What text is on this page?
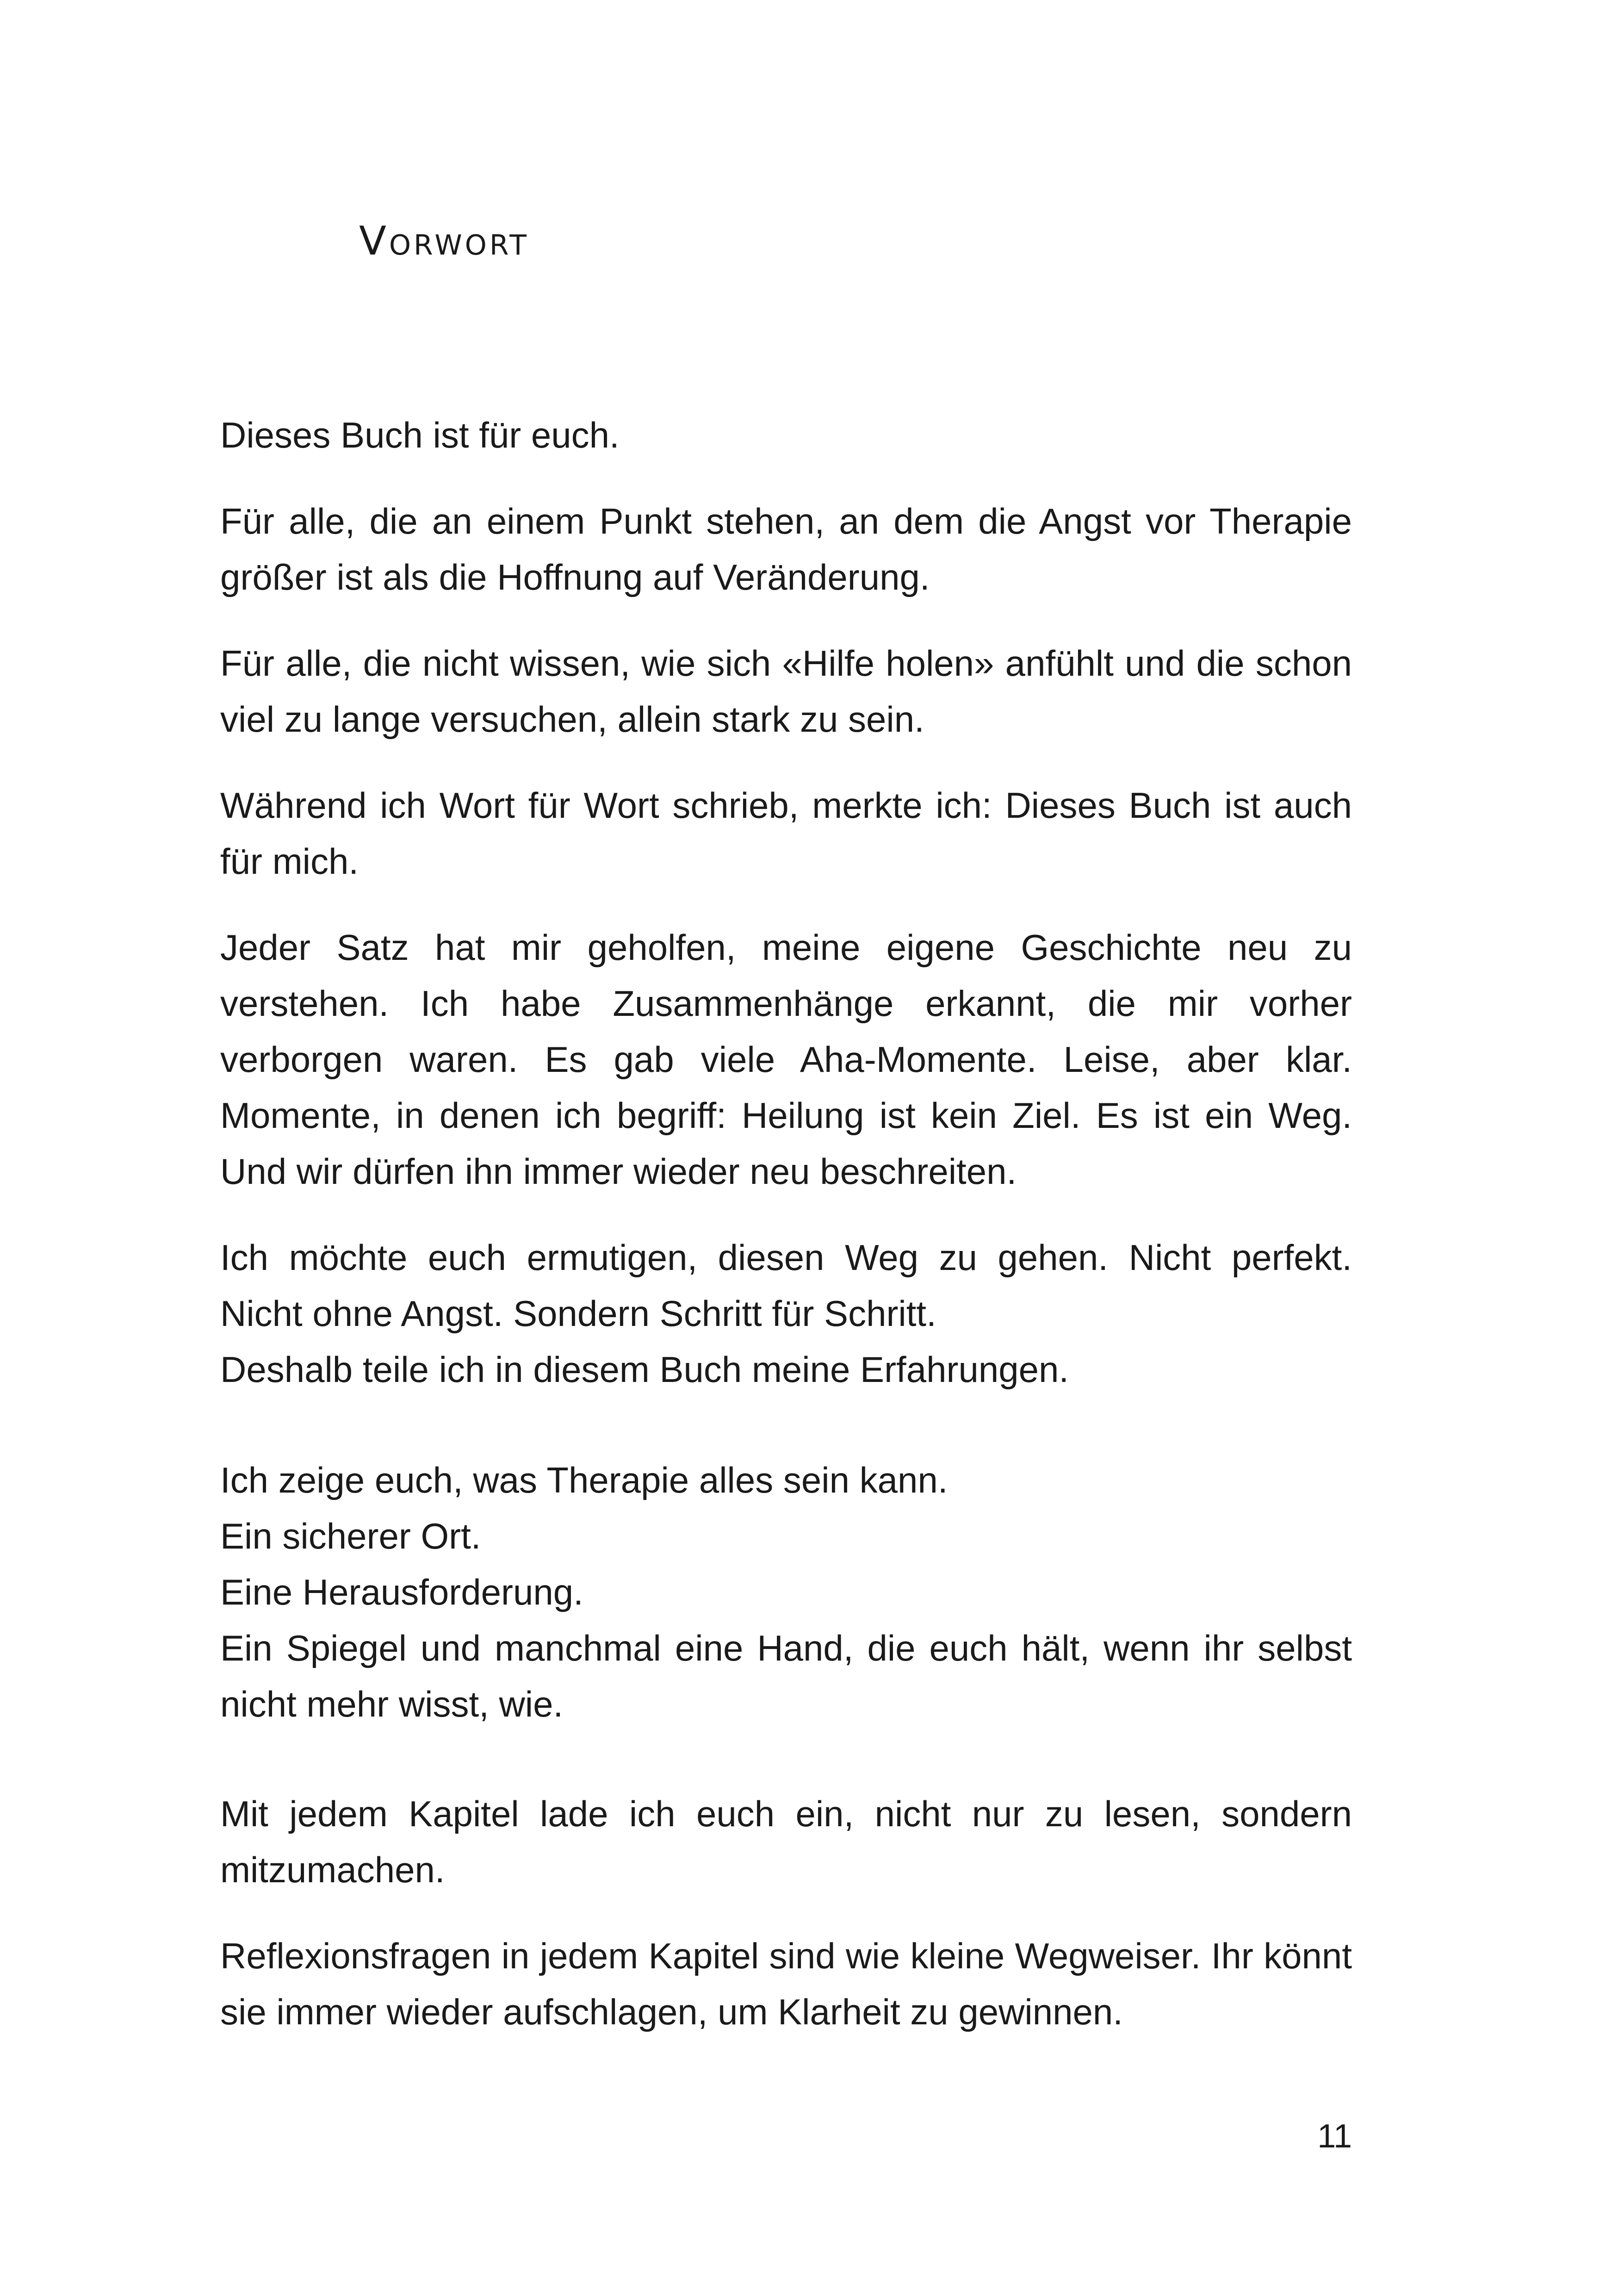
Vorwort

Dieses Buch ist für euch.

Für alle, die an einem Punkt stehen, an dem die Angst vor Therapie größer ist als die Hoffnung auf Veränderung.

Für alle, die nicht wissen, wie sich «Hilfe holen» anfühlt und die schon viel zu lange versuchen, allein stark zu sein.

Während ich Wort für Wort schrieb, merkte ich: Dieses Buch ist auch für mich.

Jeder Satz hat mir geholfen, meine eigene Geschichte neu zu verstehen. Ich habe Zusammenhänge erkannt, die mir vorher verborgen waren. Es gab viele Aha-Momente. Leise, aber klar. Momente, in denen ich begriff: Heilung ist kein Ziel. Es ist ein Weg. Und wir dürfen ihn immer wieder neu beschreiten.

Ich möchte euch ermutigen, diesen Weg zu gehen. Nicht perfekt.
Nicht ohne Angst. Sondern Schritt für Schritt.
Deshalb teile ich in diesem Buch meine Erfahrungen.

Ich zeige euch, was Therapie alles sein kann.
Ein sicherer Ort.
Eine Herausforderung.
Ein Spiegel und manchmal eine Hand, die euch hält, wenn ihr selbst nicht mehr wisst, wie.

Mit jedem Kapitel lade ich euch ein, nicht nur zu lesen, sondern mitzumachen.

Reflexionsfragen in jedem Kapitel sind wie kleine Wegweiser. Ihr könnt sie immer wieder aufschlagen, um Klarheit zu gewinnen.

11
